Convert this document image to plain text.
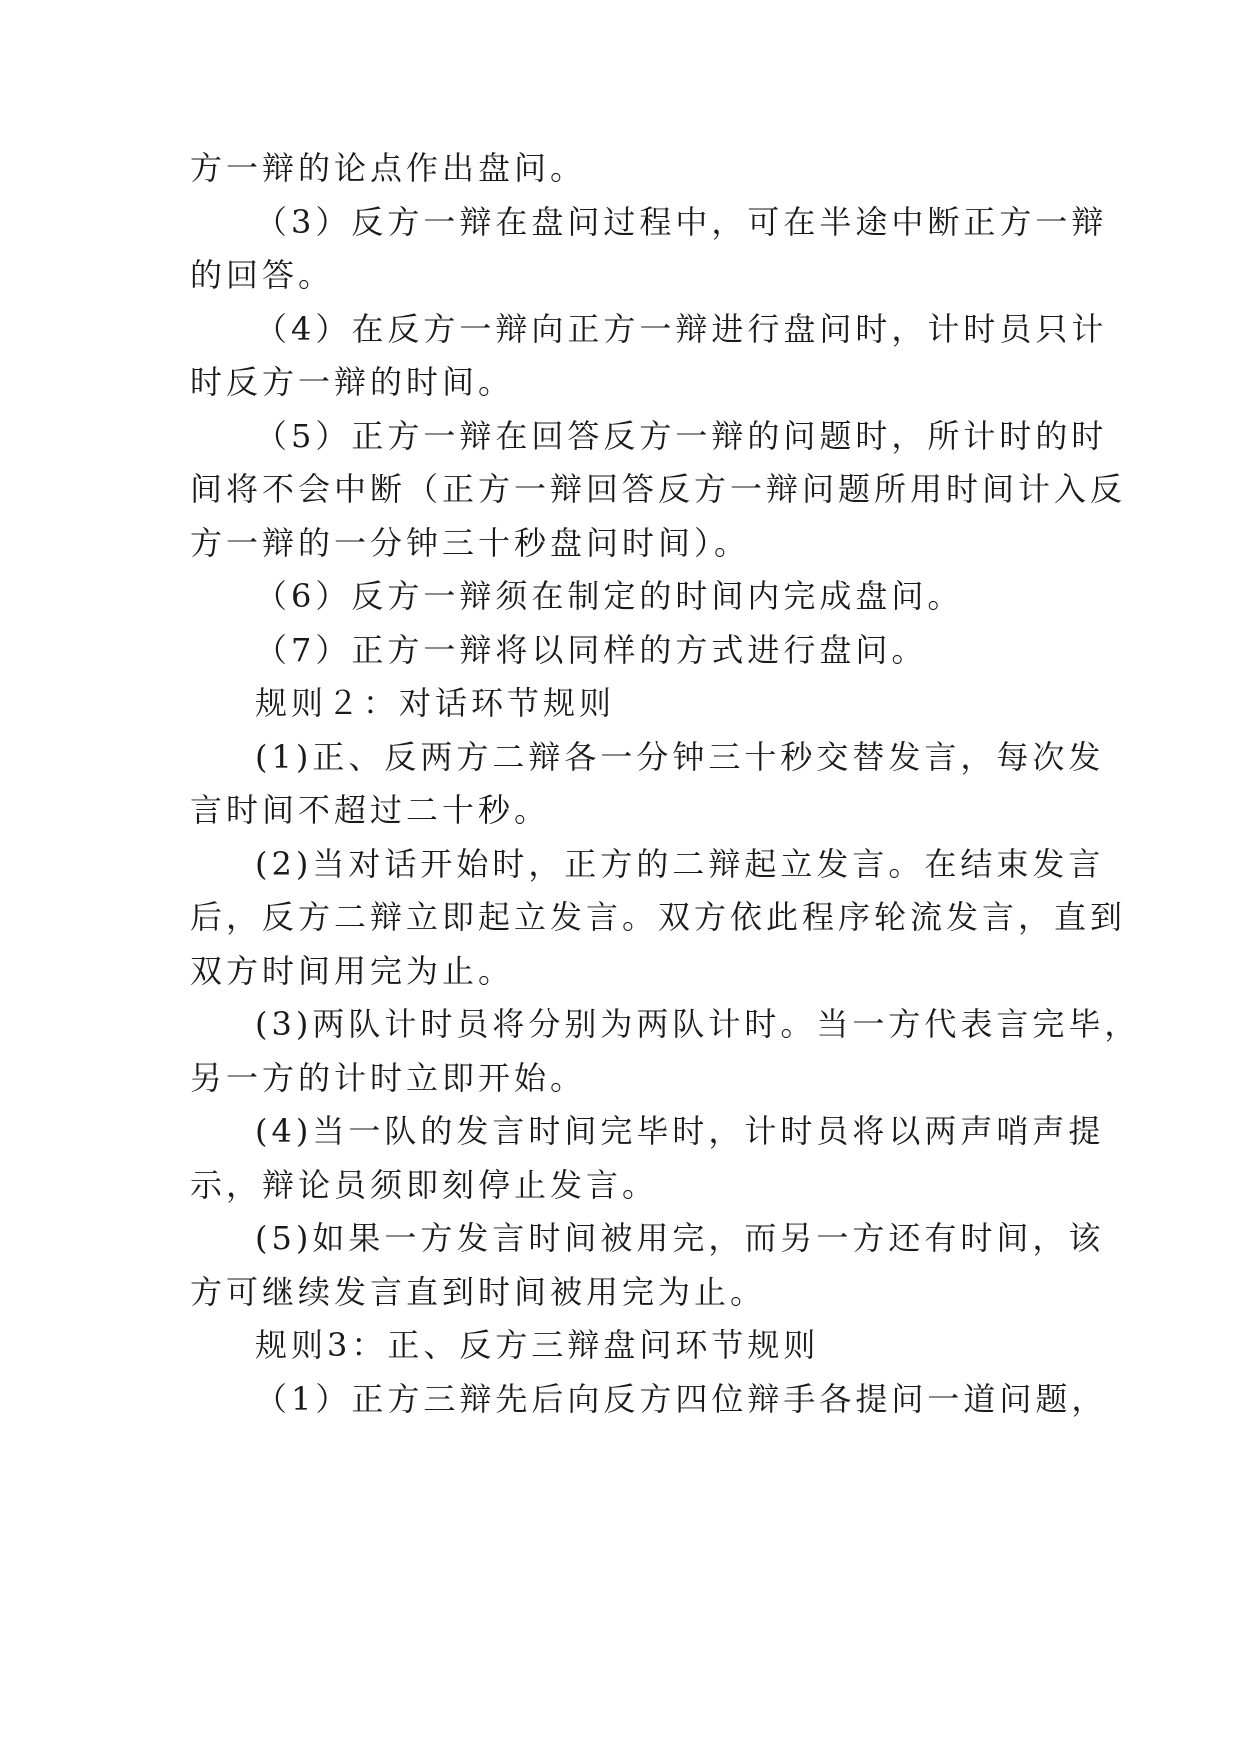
方一辩的论点作出盘问。
（3）反方一辩在盘问过程中，可在半途中断正方一辩
的回答。
（4）在反方一辩向正方一辩进行盘问时，计时员只计
时反方一辩的时间。
（5）正方一辩在回答反方一辩的问题时，所计时的时
间将不会中断（正方一辩回答反方一辩问题所用时间计入反
方一辩的一分钟三十秒盘问时间）。
（6）反方一辩须在制定的时间内完成盘问。
（7）正方一辩将以同样的方式进行盘问。
规则２：对话环节规则
(1)正、反两方二辩各一分钟三十秒交替发言，每次发
言时间不超过二十秒。
(2)当对话开始时，正方的二辩起立发言。在结束发言
后，反方二辩立即起立发言。双方依此程序轮流发言，直到
双方时间用完为止。
(3)两队计时员将分别为两队计时。当一方代表言完毕，
另一方的计时立即开始。
(4)当一队的发言时间完毕时，计时员将以两声哨声提
示，辩论员须即刻停止发言。
(5)如果一方发言时间被用完，而另一方还有时间，该
方可继续发言直到时间被用完为止。
规则3：正、反方三辩盘问环节规则
（1）正方三辩先后向反方四位辩手各提问一道问题，
